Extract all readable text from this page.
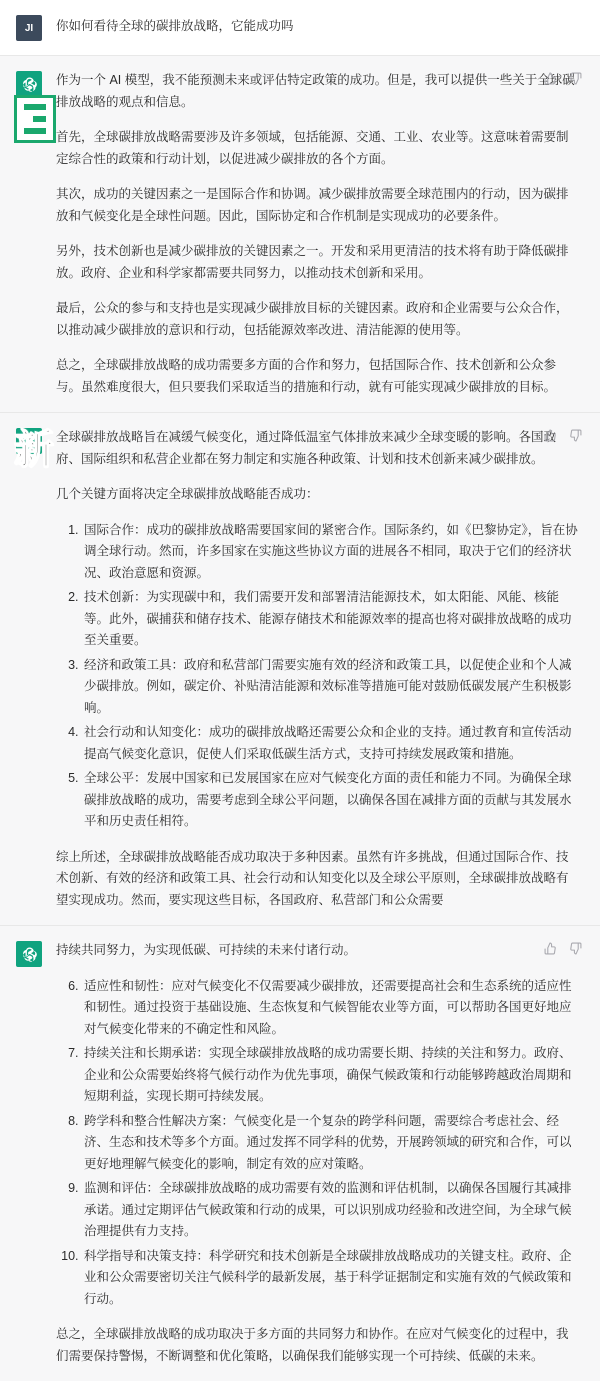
JI	你如何看待全球的碳排放战略，它能成功吗

作为一个 AI 模型，我不能预测未来或评估特定政策的成功。但是，我可以提供一些关于全球碳排放战略的观点和信息。

首先，全球碳排放战略需要涉及许多领域，包括能源、交通、工业、农业等。这意味着需要制定综合性的政策和行动计划，以促进减少碳排放的各个方面。

其次，成功的关键因素之一是国际合作和协调。减少碳排放需要全球范围内的行动，因为碳排放和气候变化是全球性问题。因此，国际协定和合作机制是实现成功的必要条件。

另外，技术创新也是减少碳排放的关键因素之一。开发和采用更清洁的技术将有助于降低碳排放。政府、企业和科学家都需要共同努力，以推动技术创新和采用。

最后，公众的参与和支持也是实现减少碳排放目标的关键因素。政府和企业需要与公众合作，以推动减少碳排放的意识和行动，包括能源效率改进、清洁能源的使用等。

总之，全球碳排放战略的成功需要多方面的合作和努力，包括国际合作、技术创新和公众参与。虽然难度很大，但只要我们采取适当的措施和行动，就有可能实现减少碳排放的目标。

全球碳排放战略旨在减缓气候变化，通过降低温室气体排放来减少全球变暖的影响。各国政府、国际组织和私营企业都在努力制定和实施各种政策、计划和技术创新来减少碳排放。

几个关键方面将决定全球碳排放战略能否成功：

1. 国际合作：成功的碳排放战略需要国家间的紧密合作。国际条约，如《巴黎协定》，旨在协调全球行动。然而，许多国家在实施这些协议方面的进展各不相同，取决于它们的经济状况、政治意愿和资源。
2. 技术创新：为实现碳中和，我们需要开发和部署清洁能源技术，如太阳能、风能、核能等。此外，碳捕获和储存技术、能源存储技术和能源效率的提高也将对碳排放战略的成功至关重要。
3. 经济和政策工具：政府和私营部门需要实施有效的经济和政策工具，以促使企业和个人减少碳排放。例如，碳定价、补贴清洁能源和效标准等措施可能对鼓励低碳发展产生积极影响。
4. 社会行动和认知变化：成功的碳排放战略还需要公众和企业的支持。通过教育和宣传活动提高气候变化意识，促使人们采取低碳生活方式，支持可持续发展政策和措施。
5. 全球公平：发展中国家和已发展国家在应对气候变化方面的责任和能力不同。为确保全球碳排放战略的成功，需要考虑到全球公平问题，以确保各国在减排方面的贡献与其发展水平和历史责任相符。

综上所述，全球碳排放战略能否成功取决于多种因素。虽然有许多挑战，但通过国际合作、技术创新、有效的经济和政策工具、社会行动和认知变化以及全球公平原则，全球碳排放战略有望实现成功。然而，要实现这些目标，各国政府、私营部门和公众需要

持续共同努力，为实现低碳、可持续的未来付诸行动。

6. 适应性和韧性：应对气候变化不仅需要减少碳排放，还需要提高社会和生态系统的适应性和韧性。通过投资于基础设施、生态恢复和气候智能农业等方面，可以帮助各国更好地应对气候变化带来的不确定性和风险。
7. 持续关注和长期承诺：实现全球碳排放战略的成功需要长期、持续的关注和努力。政府、企业和公众需要始终将气候行动作为优先事项，确保气候政策和行动能够跨越政治周期和短期利益，实现长期可持续发展。
8. 跨学科和整合性解决方案：气候变化是一个复杂的跨学科问题，需要综合考虑社会、经济、生态和技术等多个方面。通过发挥不同学科的优势，开展跨领域的研究和合作，可以更好地理解气候变化的影响，制定有效的应对策略。
9. 监测和评估：全球碳排放战略的成功需要有效的监测和评估机制，以确保各国履行其减排承诺。通过定期评估气候政策和行动的成果，可以识别成功经验和改进空间，为全球气候治理提供有力支持。
10. 科学指导和决策支持：科学研究和技术创新是全球碳排放战略成功的关键支柱。政府、企业和公众需要密切关注气候科学的最新发展，基于科学证据制定和实施有效的气候政策和行动。

总之，全球碳排放战略的成功取决于多方面的共同努力和协作。在应对气候变化的过程中，我们需要保持警惕，不断调整和优化策略，以确保我们能够实现一个可持续、低碳的未来。

新
